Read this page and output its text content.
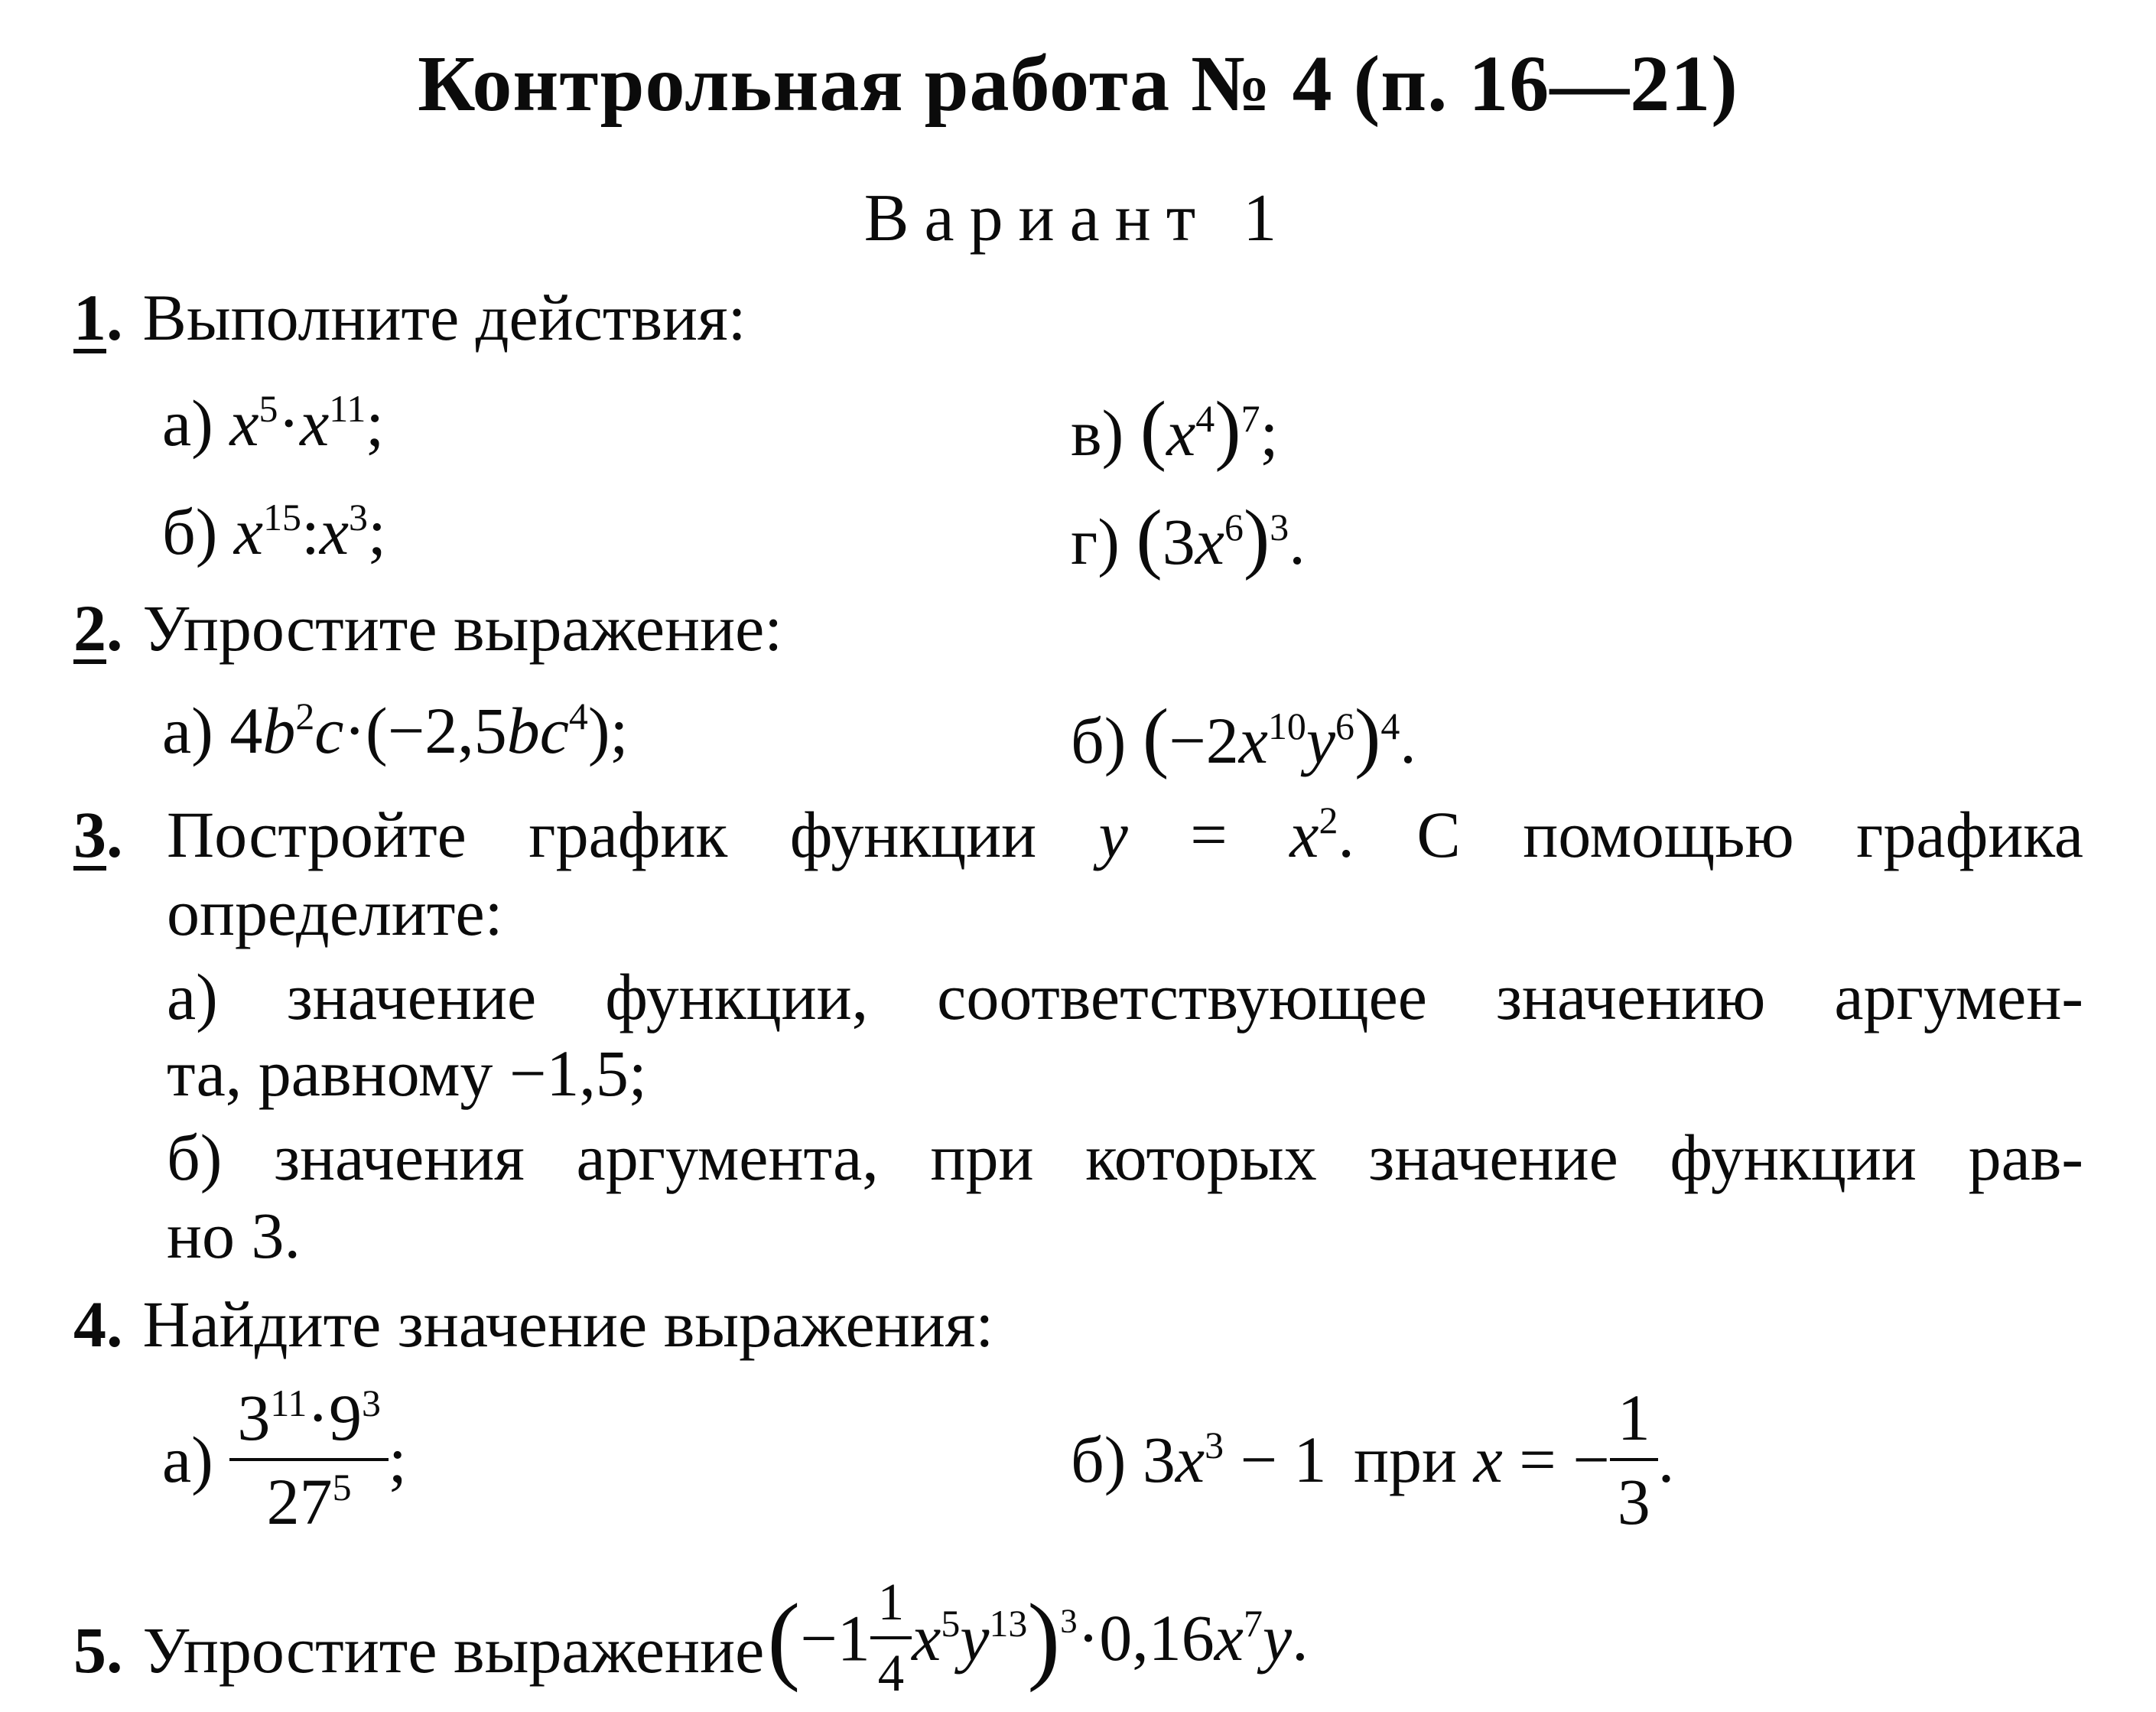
Контрольная работа № 4 (п. 16—21)
Вариант 1
1. Выполните действия:
а) $x^5\cdot x^{11}$;	в) $(x^4)^7$;
б) $x^{15}:x^3$;	г) $(3x^6)^3$.
2. Упростите выражение:
а) $4b^2c\cdot(-2,5bc^4)$;	б) $(-2x^{10}y^6)^4$.
3. Постройте график функции $y = x^2$. С помощью графика
определите:
а) значение функции, соответствующее значению аргумен-
та, равному −1,5;
б) значения аргумента, при которых значение функции рав-
но 3.
4. Найдите значение выражения:
$а) \frac{3^{11}\cdot 9^3}{27^5}$ ;	б) $3x^3 - 1$ при x = − $\frac{1}{3}$ .
5. Упростите выражение $(-1 \frac{1}{4} x^5y^{13})^3\cdot 0,16x^7y$.
